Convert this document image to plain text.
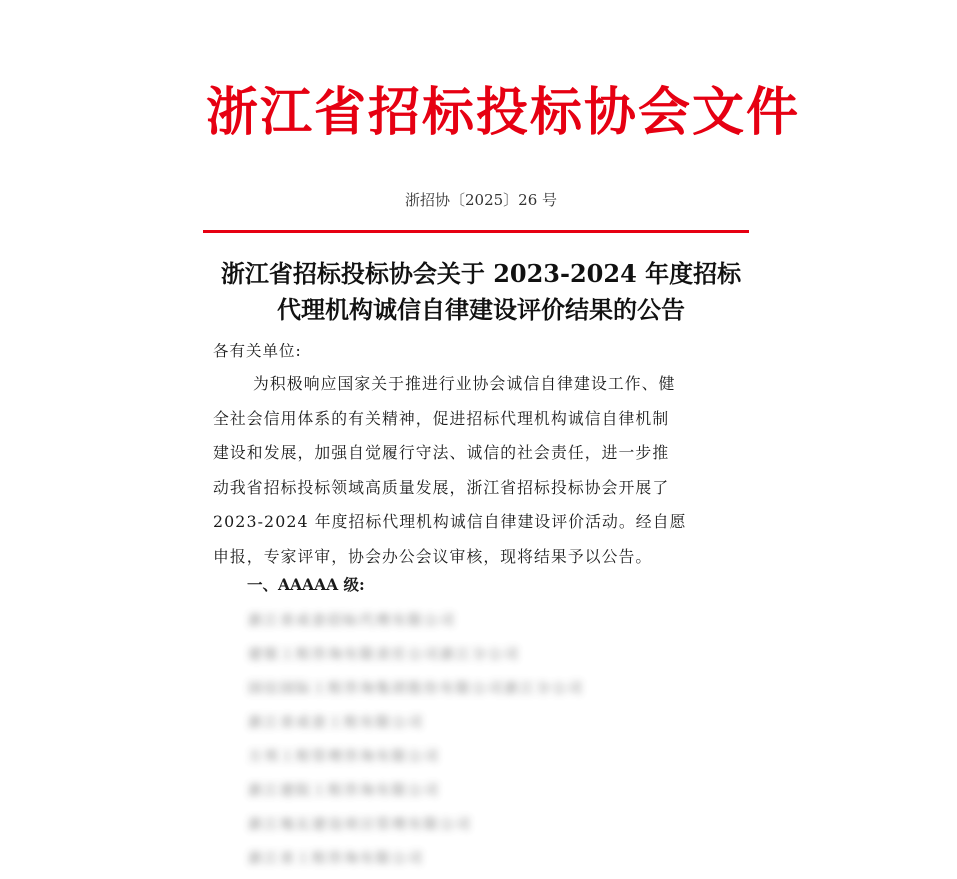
浙江省招标投标协会文件
浙招协〔2025〕26 号
浙江省招标投标协会关于 2023-2024 年度招标
代理机构诚信自律建设评价结果的公告
各有关单位:
为积极响应国家关于推进行业协会诚信自律建设工作、健
全社会信用体系的有关精神，促进招标代理机构诚信自律机制
建设和发展，加强自觉履行守法、诚信的社会责任，进一步推
动我省招标投标领域高质量发展，浙江省招标投标协会开展了
2023-2024 年度招标代理机构诚信自律建设评价活动。经自愿
申报，专家评审，协会办公会议审核，现将结果予以公告。
一、AAAAA 级:
浙江省成套招标代理有限公司
建银工程咨询有限责任公司浙江分公司
国信国际工程咨询集团股份有限公司浙江分公司
浙江省成套工程有限公司
万邦工程管理咨询有限公司
浙江建院工程咨询有限公司
浙江地瓦建设项目管理有限公司
浙江省工程咨询有限公司
